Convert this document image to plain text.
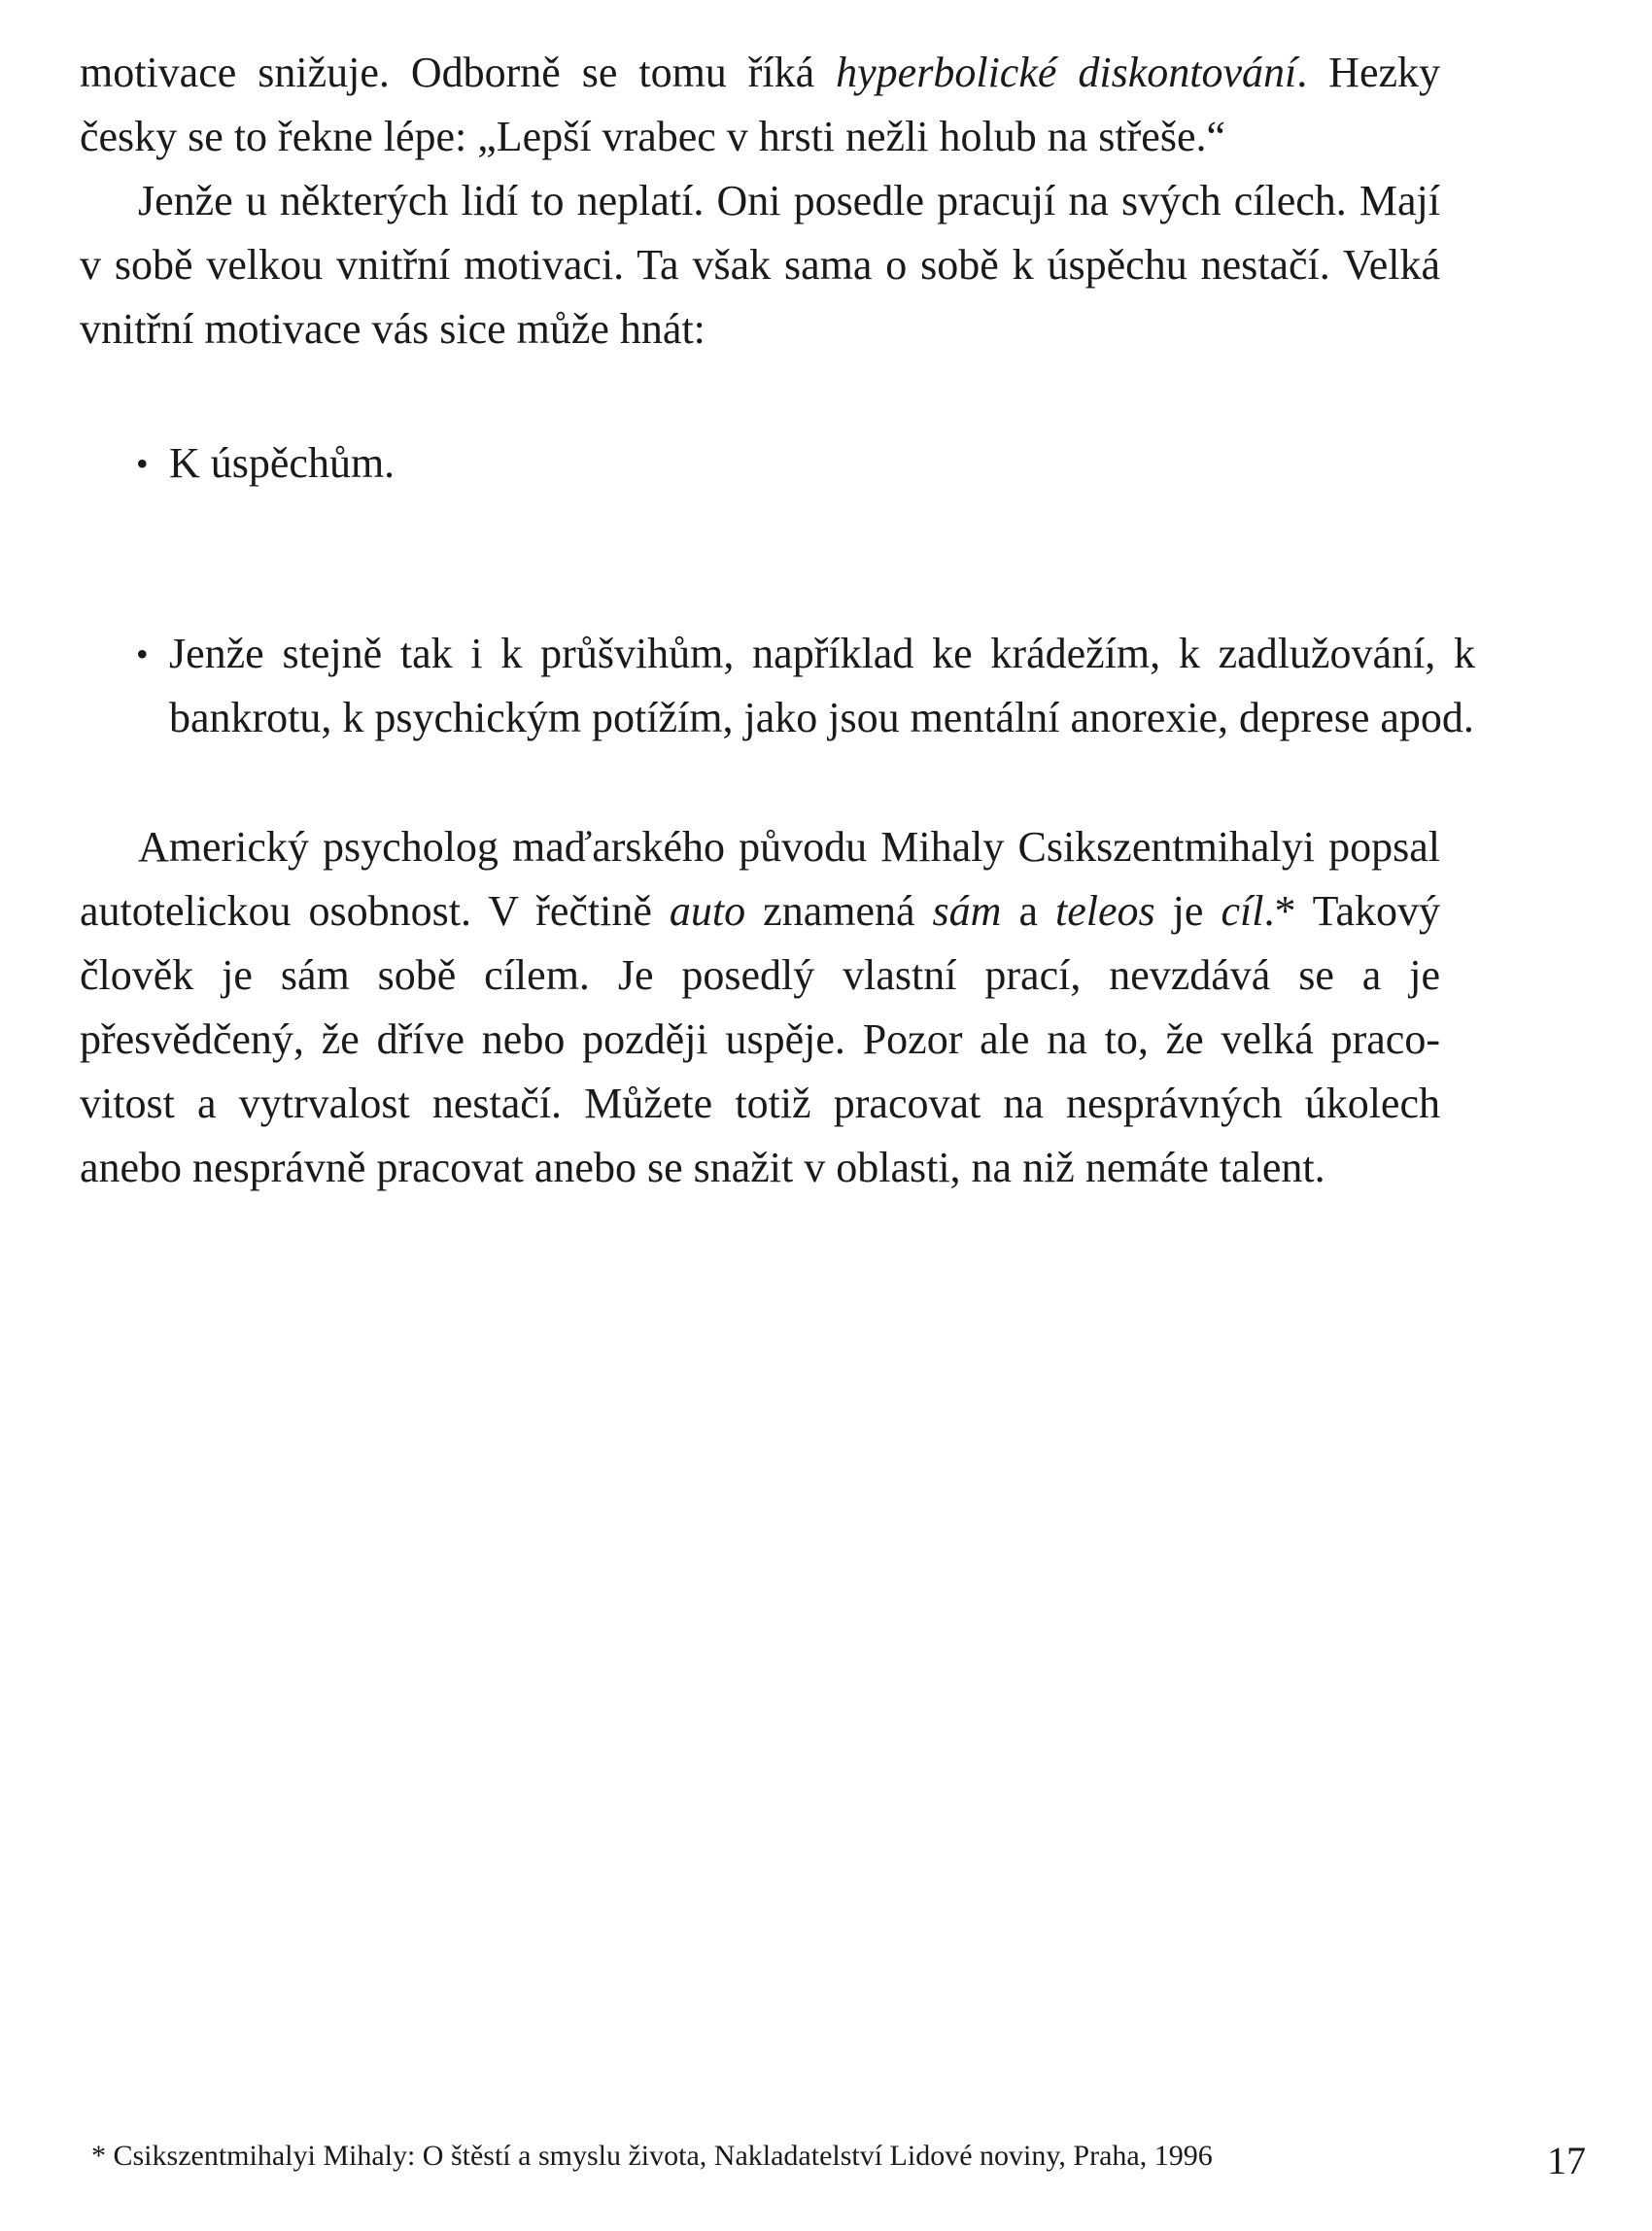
motivace snižuje. Odborně se tomu říká hyperbolické diskontování. Hezky česky se to řekne lépe: „Lepší vrabec v hrsti nežli holub na střeše.“

Jenže u některých lidí to neplatí. Oni posedle pracují na svých cílech. Mají v sobě velkou vnitřní motivaci. Ta však sama o sobě k úspěchu nestačí. Velká vnitřní motivace vás sice může hnát:

• K úspěchům.
• Jenže stejně tak i k průšvihům, například ke krádežím, k zadlužování, k bankrotu, k psychickým potížím, jako jsou mentální anorexie, deprese apod.

Americký psycholog maďarského původu Mihaly Csikszentmihalyi popsal autotelickou osobnost. V řečtině auto znamená sám a teleos je cíl.* Takový člověk je sám sobě cílem. Je posedlý vlastní prací, nevzdává se a je přesvědčený, že dříve nebo později uspěje. Pozor ale na to, že velká praco-vitost a vytrvalost nestačí. Můžete totiž pracovat na nesprávných úkolech anebo nesprávně pracovat anebo se snažit v oblasti, na niž nemáte talent.

* Csikszentmihalyi Mihaly: O štěstí a smyslu života, Nakladatelství Lidové noviny, Praha, 1996	17
